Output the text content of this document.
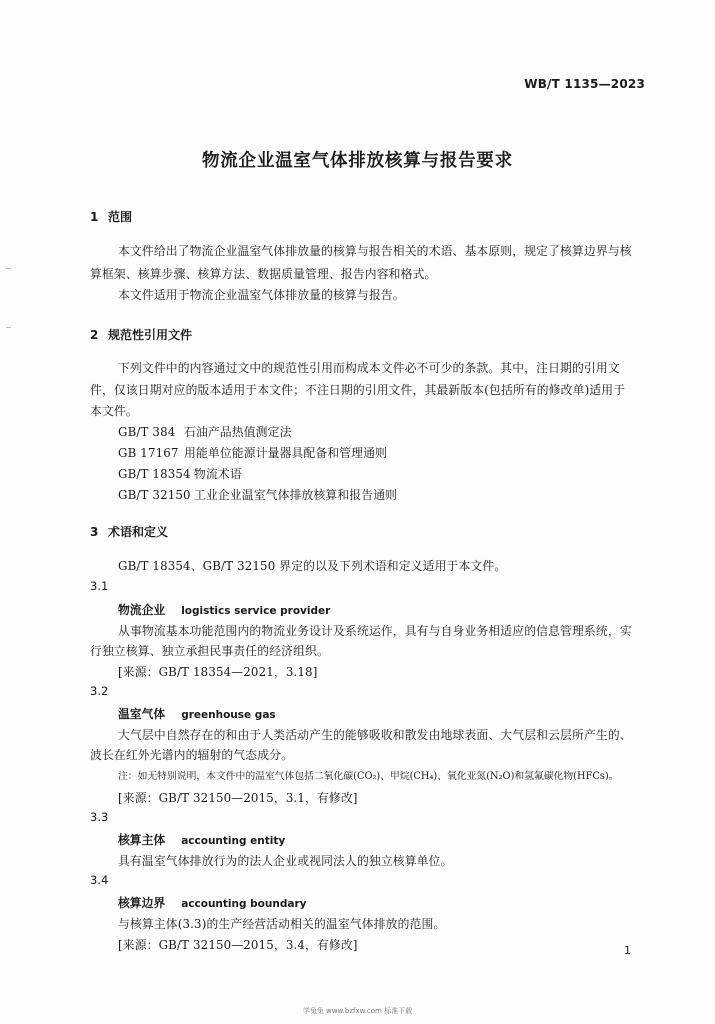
WB/T 1135—2023
物流企业温室气体排放核算与报告要求
1 范围
本文件给出了物流企业温室气体排放量的核算与报告相关的术语、基本原则，规定了核算边界与核
算框架、核算步骤、核算方法、数据质量管理、报告内容和格式。
本文件适用于物流企业温室气体排放量的核算与报告。
2 规范性引用文件
下列文件中的内容通过文中的规范性引用而构成本文件必不可少的条款。其中，注日期的引用文
件，仅该日期对应的版本适用于本文件；不注日期的引用文件，其最新版本(包括所有的修改单)适用于
本文件。
GB/T 384 石油产品热值测定法
GB 17167 用能单位能源计量器具配备和管理通则
GB/T 18354 物流术语
GB/T 32150 工业企业温室气体排放核算和报告通则
3 术语和定义
GB/T 18354、GB/T 32150 界定的以及下列术语和定义适用于本文件。
3.1
物流企业 logistics service provider
从事物流基本功能范围内的物流业务设计及系统运作，具有与自身业务相适应的信息管理系统，实
行独立核算、独立承担民事责任的经济组织。
[来源：GB/T 18354—2021，3.18]
3.2
温室气体 greenhouse gas
大气层中自然存在的和由于人类活动产生的能够吸收和散发由地球表面、大气层和云层所产生的、
波长在红外光谱内的辐射的气态成分。
注：如无特别说明，本文件中的温室气体包括二氧化碳(CO₂)、甲烷(CH₄)、氧化亚氮(N₂O)和氢氟碳化物(HFCs)。
[来源：GB/T 32150—2015，3.1，有修改]
3.3
核算主体 accounting entity
具有温室气体排放行为的法人企业或视同法人的独立核算单位。
3.4
核算边界 accounting boundary
与核算主体(3.3)的生产经营活动相关的温室气体排放的范围。
[来源：GB/T 32150—2015，3.4，有修改]	1
学兔兔 www.bzfxw.com 标准下载
